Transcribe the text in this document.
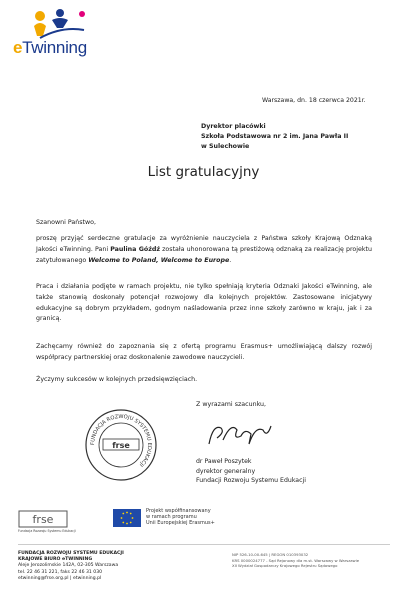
eTwinning
Warszawa, dn. 18 czerwca 2021r.
Dyrektor placówki
Szkoła Podstawowa nr 2 im. Jana Pawła II
w Sulechowie
List gratulacyjny
Szanowni Państwo,
proszę przyjąć serdeczne gratulacje za wyróżnienie nauczyciela z Państwa szkoły Krajową Odznaką Jakości eTwinning. Pani Paulina Góźdź została uhonorowana tą prestiżową odznaką za realizację projektu zatytułowanego Welcome to Poland, Welcome to Europe.
Praca i działania podjęte w ramach projektu, nie tylko spełniają kryteria Odznaki Jakości eTwinning, ale także stanowią doskonały potencjał rozwojowy dla kolejnych projektów. Zastosowane inicjatywy edukacyjne są dobrym przykładem, godnym naśladowania przez inne szkoły zarówno w kraju, jak i za granicą.
Zachęcamy również do zapoznania się z ofertą programu Erasmus+ umożliwiającą dalszy rozwój współpracy partnerskiej oraz doskonalenie zawodowe nauczycieli.
Życzymy sukcesów w kolejnych przedsięwzięciach.
Z wyrazami szacunku,
FUNDACJA ROZWOJU SYSTEMU EDUKACJI
frse
dr Paweł Poszytek
dyrektor generalny
Fundacji Rozwoju Systemu Edukacji
frse
Fundacja Rozwoju Systemu Edukacji
Projekt współfinansowany
w ramach programu
Unii Europejskiej Erasmus+
FUNDACJA ROZWOJU SYSTEMU EDUKACJI
KRAJOWE BIURO eTWINNING
Aleje Jerozolimskie 142A, 02-305 Warszawa
tel. 22 46 31 221, faks 22 46 31 030
etwinning@frse.org.pl | etwinning.pl
NIP 526-10-00-645 | REGON 010393032
KRS 0000024777 - Sąd Rejonowy dla m.st. Warszawy w Warszawie
XII Wydział Gospodarczy Krajowego Rejestru Sądowego
